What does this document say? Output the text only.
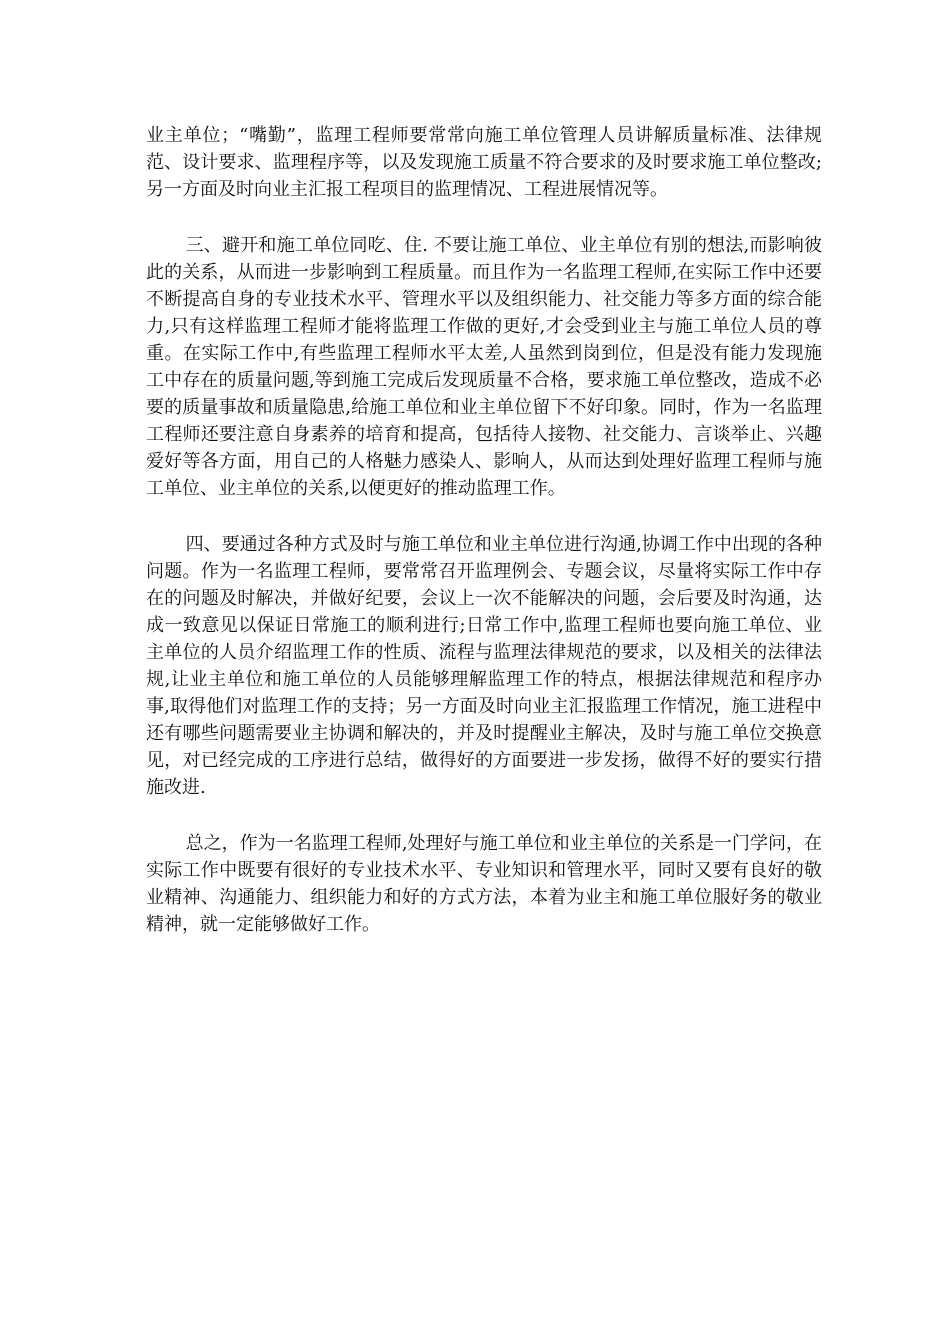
业主单位；“嘴勤”，监理工程师要常常向施工单位管理人员讲解质量标准、法律规范、设计要求、监理程序等，以及发现施工质量不符合要求的及时要求施工单位整改;另一方面及时向业主汇报工程项目的监理情况、工程进展情况等。

三、避开和施工单位同吃、住. 不要让施工单位、业主单位有别的想法,而影响彼此的关系，从而进一步影响到工程质量。而且作为一名监理工程师,在实际工作中还要不断提高自身的专业技术水平、管理水平以及组织能力、社交能力等多方面的综合能力,只有这样监理工程师才能将监理工作做的更好,才会受到业主与施工单位人员的尊重。在实际工作中,有些监理工程师水平太差,人虽然到岗到位，但是没有能力发现施工中存在的质量问题,等到施工完成后发现质量不合格，要求施工单位整改，造成不必要的质量事故和质量隐患,给施工单位和业主单位留下不好印象。同时，作为一名监理工程师还要注意自身素养的培育和提高，包括待人接物、社交能力、言谈举止、兴趣爱好等各方面，用自己的人格魅力感染人、影响人，从而达到处理好监理工程师与施工单位、业主单位的关系,以便更好的推动监理工作。

四、要通过各种方式及时与施工单位和业主单位进行沟通,协调工作中出现的各种问题。作为一名监理工程师，要常常召开监理例会、专题会议，尽量将实际工作中存在的问题及时解决，并做好纪要，会议上一次不能解决的问题，会后要及时沟通，达成一致意见以保证日常施工的顺利进行;日常工作中,监理工程师也要向施工单位、业主单位的人员介绍监理工作的性质、流程与监理法律规范的要求，以及相关的法律法规,让业主单位和施工单位的人员能够理解监理工作的特点，根据法律规范和程序办事,取得他们对监理工作的支持；另一方面及时向业主汇报监理工作情况，施工进程中还有哪些问题需要业主协调和解决的，并及时提醒业主解决，及时与施工单位交换意见，对已经完成的工序进行总结，做得好的方面要进一步发扬，做得不好的要实行措施改进.

总之，作为一名监理工程师,处理好与施工单位和业主单位的关系是一门学问，在实际工作中既要有很好的专业技术水平、专业知识和管理水平，同时又要有良好的敬业精神、沟通能力、组织能力和好的方式方法，本着为业主和施工单位服好务的敬业精神，就一定能够做好工作。
